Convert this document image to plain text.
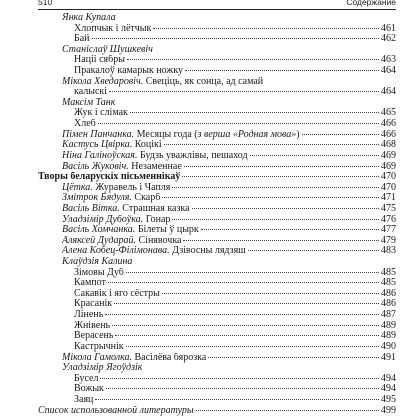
510	Содержание
Янка Купала
Хлопчык і лётчык	461
Бай	462
Станіслаў Шушкевіч
Націі сябры	463
Пракалоў камарык ножку	464
Мікола Хведаровіч. Свеціць, як сонца, ад самай
калыскі	464
Максім Танк
Жук і слімак	465
Хлеб	466
Пімен Панчанка. Месяцы года (з верша «Родная мова»)	466
Кастусь Цвірка. Коцікі	468
Ніна Галіноўская. Будзь уважлівы, пешаход	469
Васіль Жуковіч. Незаменнае	469
Творы беларускіх пісьменнікаў	470
Цётка. Журавель і Чапля	470
Змітрок Бядуля. Скарб	471
Васіль Вітка. Страшная казка	475
Уладзімір Дубоўка. Гонар	476
Васіль Хомчанка. Білеты ў цырк	477
Аляксей Дударай. Сінявочка	479
Алена Кобец-Філімонава. Дзівосны лядзяш	483
Клаўдзія Калина
Зімовы Дуб	485
Кампот	485
Сакавік і яго сёстры	486
Красанік	486
Лінень	487
Жнівень	489
Верасень	489
Кастрычнік	490
Мікола Гамолка. Васілёва бярозка	491
Уладзімір Ягоўдзік
Бусел	494
Вожык	494
Заяц	495
Список использованной литературы	499
